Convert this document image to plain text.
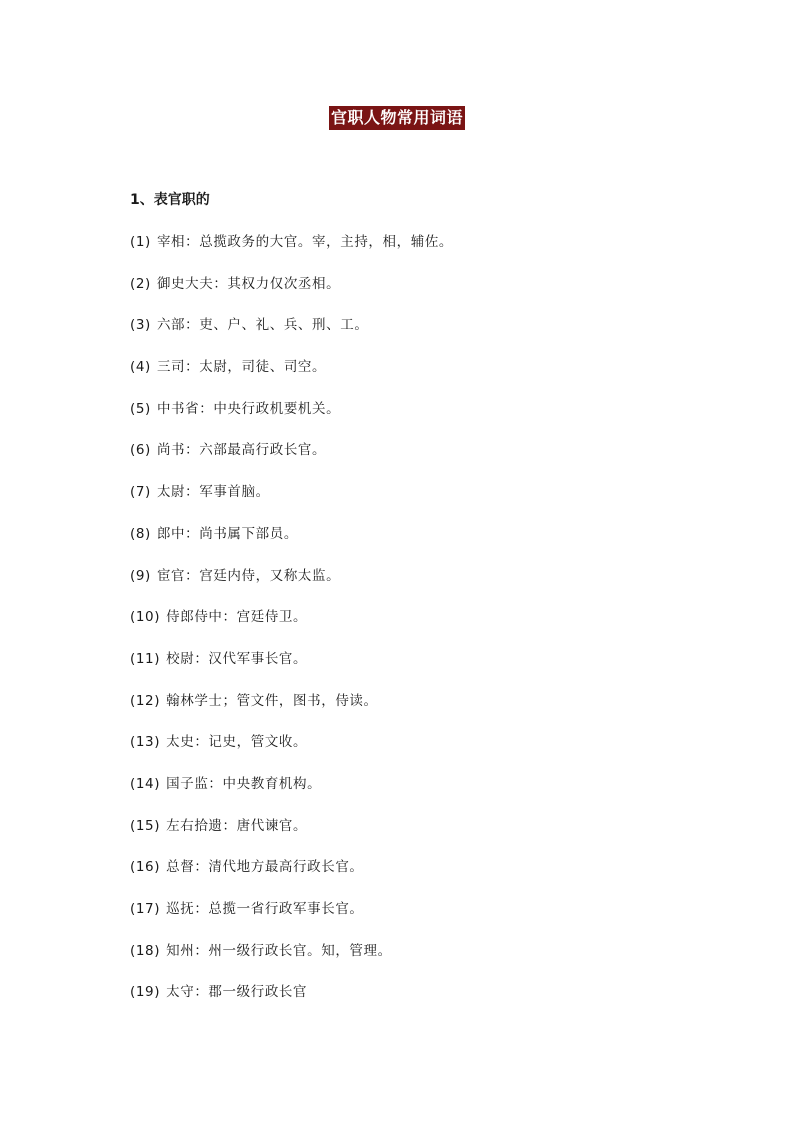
官职人物常用词语
1、表官职的
(1) 宰相：总揽政务的大官。宰，主持，相，辅佐。
(2) 御史大夫：其权力仅次丞相。
(3) 六部：吏、户、礼、兵、刑、工。
(4) 三司：太尉，司徒、司空。
(5) 中书省：中央行政机要机关。
(6) 尚书：六部最高行政长官。
(7) 太尉：军事首脑。
(8) 郎中：尚书属下部员。
(9) 宦官：宫廷内侍，又称太监。
(10) 侍郎侍中：宫廷侍卫。
(11) 校尉：汉代军事长官。
(12) 翰林学士；管文件，图书，侍读。
(13) 太史：记史，管文收。
(14) 国子监：中央教育机构。
(15) 左右拾遗：唐代谏官。
(16) 总督：清代地方最高行政长官。
(17) 巡抚：总揽一省行政军事长官。
(18) 知州：州一级行政长官。知，管理。
(19) 太守：郡一级行政长官
